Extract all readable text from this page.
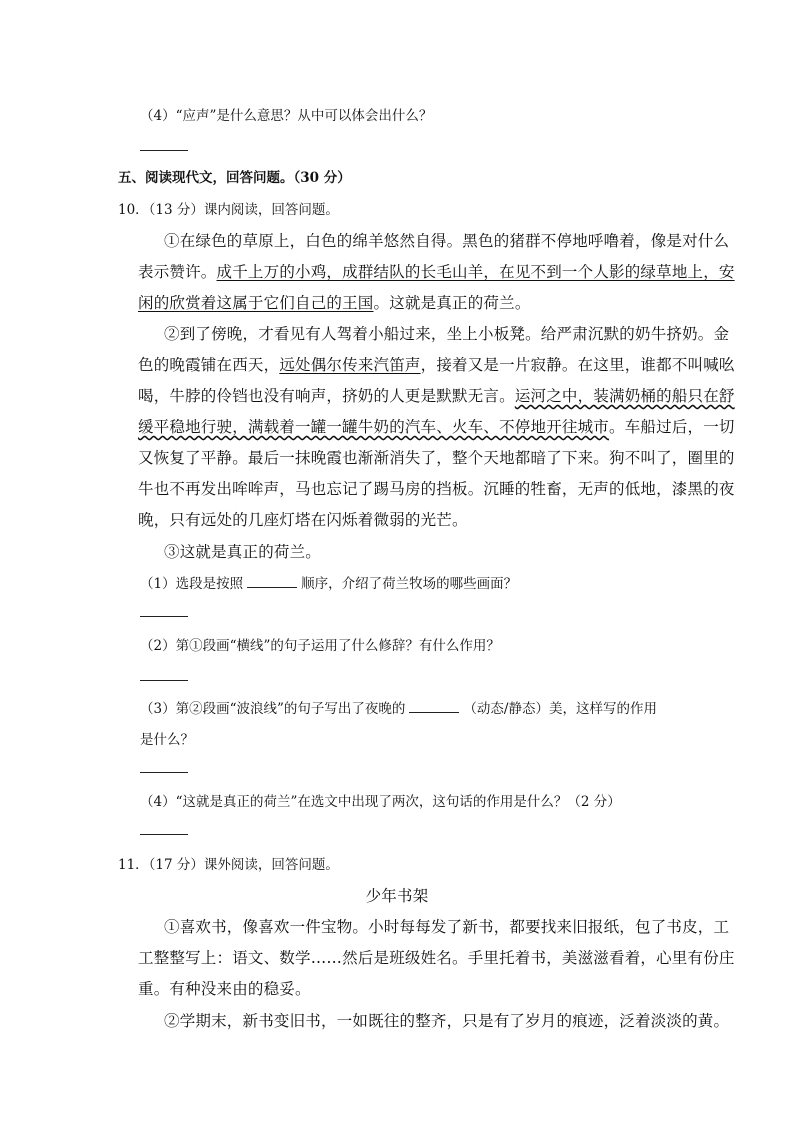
（4）“应声”是什么意思？从中可以体会出什么？
五、阅读现代文，回答问题。（30 分）
10．（13 分）课内阅读，回答问题。
①在绿色的草原上，白色的绵羊悠然自得。黑色的猪群不停地呼噜着，像是对什么
表示赞许。成千上万的小鸡，成群结队的长毛山羊，在见不到一个人影的绿草地上，安
闲的欣赏着这属于它们自己的王国。这就是真正的荷兰。
②到了傍晚，才看见有人驾着小船过来，坐上小板凳。给严肃沉默的奶牛挤奶。金
色的晚霞铺在西天，远处偶尔传来汽笛声，接着又是一片寂静。在这里，谁都不叫喊吆
喝，牛脖的伶铛也没有响声，挤奶的人更是默默无言。运河之中，装满奶桶的船只在舒
缓平稳地行驶，满载着一罐一罐牛奶的汽车、火车、不停地开往城市。车船过后，一切
又恢复了平静。最后一抹晚霞也渐渐消失了，整个天地都暗了下来。狗不叫了，圈里的
牛也不再发出哞哞声，马也忘记了踢马房的挡板。沉睡的牲畜，无声的低地，漆黑的夜
晚，只有远处的几座灯塔在闪烁着微弱的光芒。
③这就是真正的荷兰。
（1）选段是按照	顺序，介绍了荷兰牧场的哪些画面？
（2）第①段画“横线”的句子运用了什么修辞？有什么作用？
（3）第②段画“波浪线”的句子写出了夜晚的	（动态/静态）美，这样写的作用
是什么？
（4）“这就是真正的荷兰”在选文中出现了两次，这句话的作用是什么？（2 分）
11．（17 分）课外阅读，回答问题。
少年书架
①喜欢书，像喜欢一件宝物。小时每每发了新书，都要找来旧报纸，包了书皮，工
工整整写上：语文、数学……然后是班级姓名。手里托着书，美滋滋看着，心里有份庄
重。有种没来由的稳妥。
②学期末，新书变旧书，一如既往的整齐，只是有了岁月的痕迹，泛着淡淡的黄。
